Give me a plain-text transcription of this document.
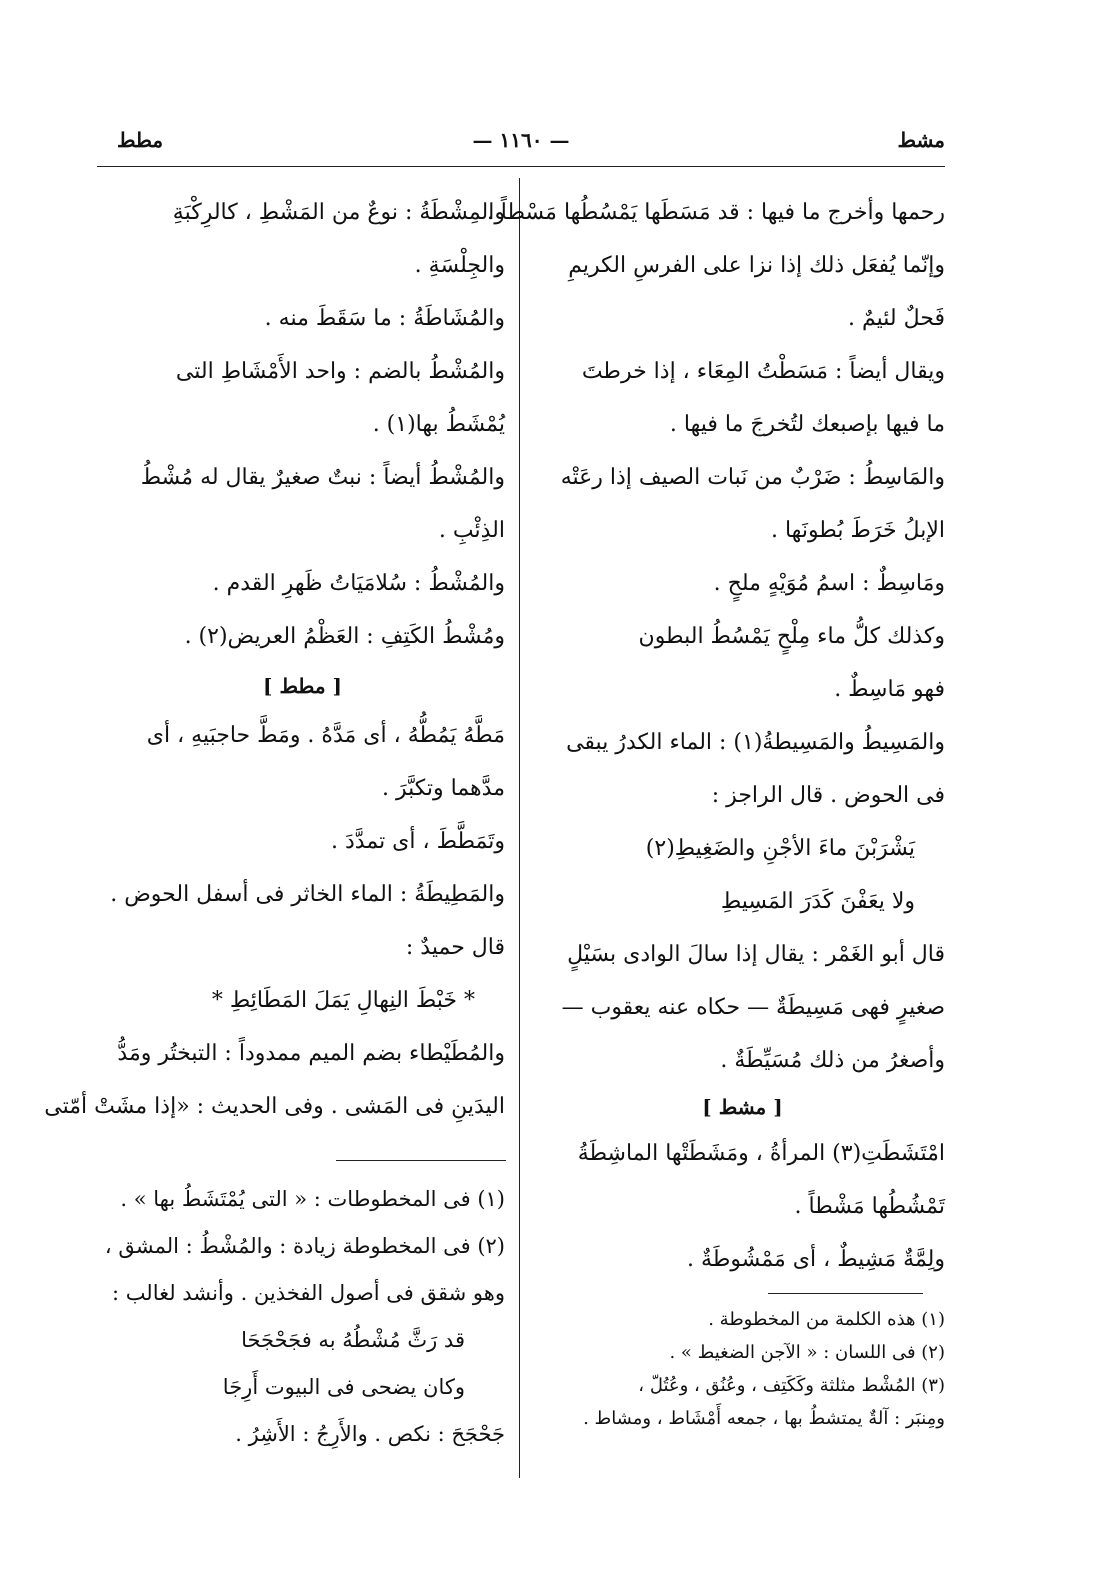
مشط
— ١١٦٠ —
مطط
رحمها وأخرج ما فيها : قد مَسَطَها يَمْسُطُها مَسْطاً .
وإنّما يُفعَل ذلك إذا نزا على الفرسِ الكريمِ
فَحلٌ لئيمٌ .
ويقال أيضاً : مَسَطْتُ المِعَاء ، إذا خرطتَ
ما فيها بإصبعك لتُخرجَ ما فيها .
والمَاسِطُ : ضَرْبٌ من نَبات الصيف إذا رعَتْه
الإبلُ خَرَطَ بُطونَها .
ومَاسِطٌ : اسمُ مُوَيْهٍ ملحٍ .
وكذلك كلُّ ماء مِلْحٍ يَمْسُطُ البطون
فهو مَاسِطٌ .
والمَسِيطُ والمَسِيطةُ(١) : الماء الكدرُ يبقى
فى الحوض . قال الراجز :
يَشْرَبْنَ ماءَ الأجْنِ والضَغِيطِ(٢)
ولا يعَفْنَ كَدَرَ المَسِيطِ
قال أبو الغَمْر : يقال إذا سالَ الوادى بسَيْلٍ
صغيرٍ فهى مَسِيطَةٌ — حكاه عنه يعقوب —
وأصغرُ من ذلك مُسَيِّطَةٌ .
[ مشط ]
امْتَشَطَتِ(٣) المرأةُ ، ومَشَطَتْها الماشِطَةُ
تَمْشُطُها مَشْطاً .
ولِمَّةٌ مَشِيطٌ ، أى مَمْشُوطَةٌ .
(١) هذه الكلمة من المخطوطة .
(٢) فى اللسان : « الآجن الضغيط » .
(٣) المُشْط مثلثة وكَكَتِف ، وعُنُق ، وعُتُلّ ،
ومِنبَر : آلةٌ يمتشطُ بها ، جمعه أَمْشَاط ، ومشاط .
والمِشْطَةُ : نوعٌ من المَشْطِ ، كالرِكْبَةِ
والجِلْسَةِ .
والمُشَاطَةُ : ما سَقَطَ منه .
والمُشْطُ بالضم : واحد الأَمْشَاطِ التى
يُمْشَطُ بها(١) .
والمُشْطُ أيضاً : نبتٌ صغيرٌ يقال له مُشْطُ
الذِئْبِ .
والمُشْطُ : سُلامَيَاتُ ظَهرِ القدم .
ومُشْطُ الكَتِفِ : العَظْمُ العريض(٢) .
[ مطط ]
مَطَّهُ يَمُطُّهُ ، أى مَدَّهُ . ومَطَّ حاجبَيهِ ، أى
مدَّهما وتكبَّرَ .
وتَمَطَّطَ ، أى تمدَّدَ .
والمَطِيطَةُ : الماء الخاثر فى أسفل الحوض .
قال حميدٌ :
* خَبْطَ النِهالِ يَمَلَ المَطَائِطِ *
والمُطَيْطاء بضم الميم ممدوداً : التبختُر ومَدُّ
اليدَينِ فى المَشى . وفى الحديث : «إذا مشَتْ أمّتى
(١) فى المخطوطات : « التى يُمْتَشَطُ بها » .
(٢) فى المخطوطة زيادة : والمُشْطُ : المشق ،
وهو شقق فى أصول الفخذين . وأنشد لغالب :
قد رَثَّ مُشْطُهُ به فجَحْجَحَا
وكان يضحى فى البيوت أَرِجَا
جَحْجَحَ : نكص . والأَرِجُ : الأَشِرُ .
